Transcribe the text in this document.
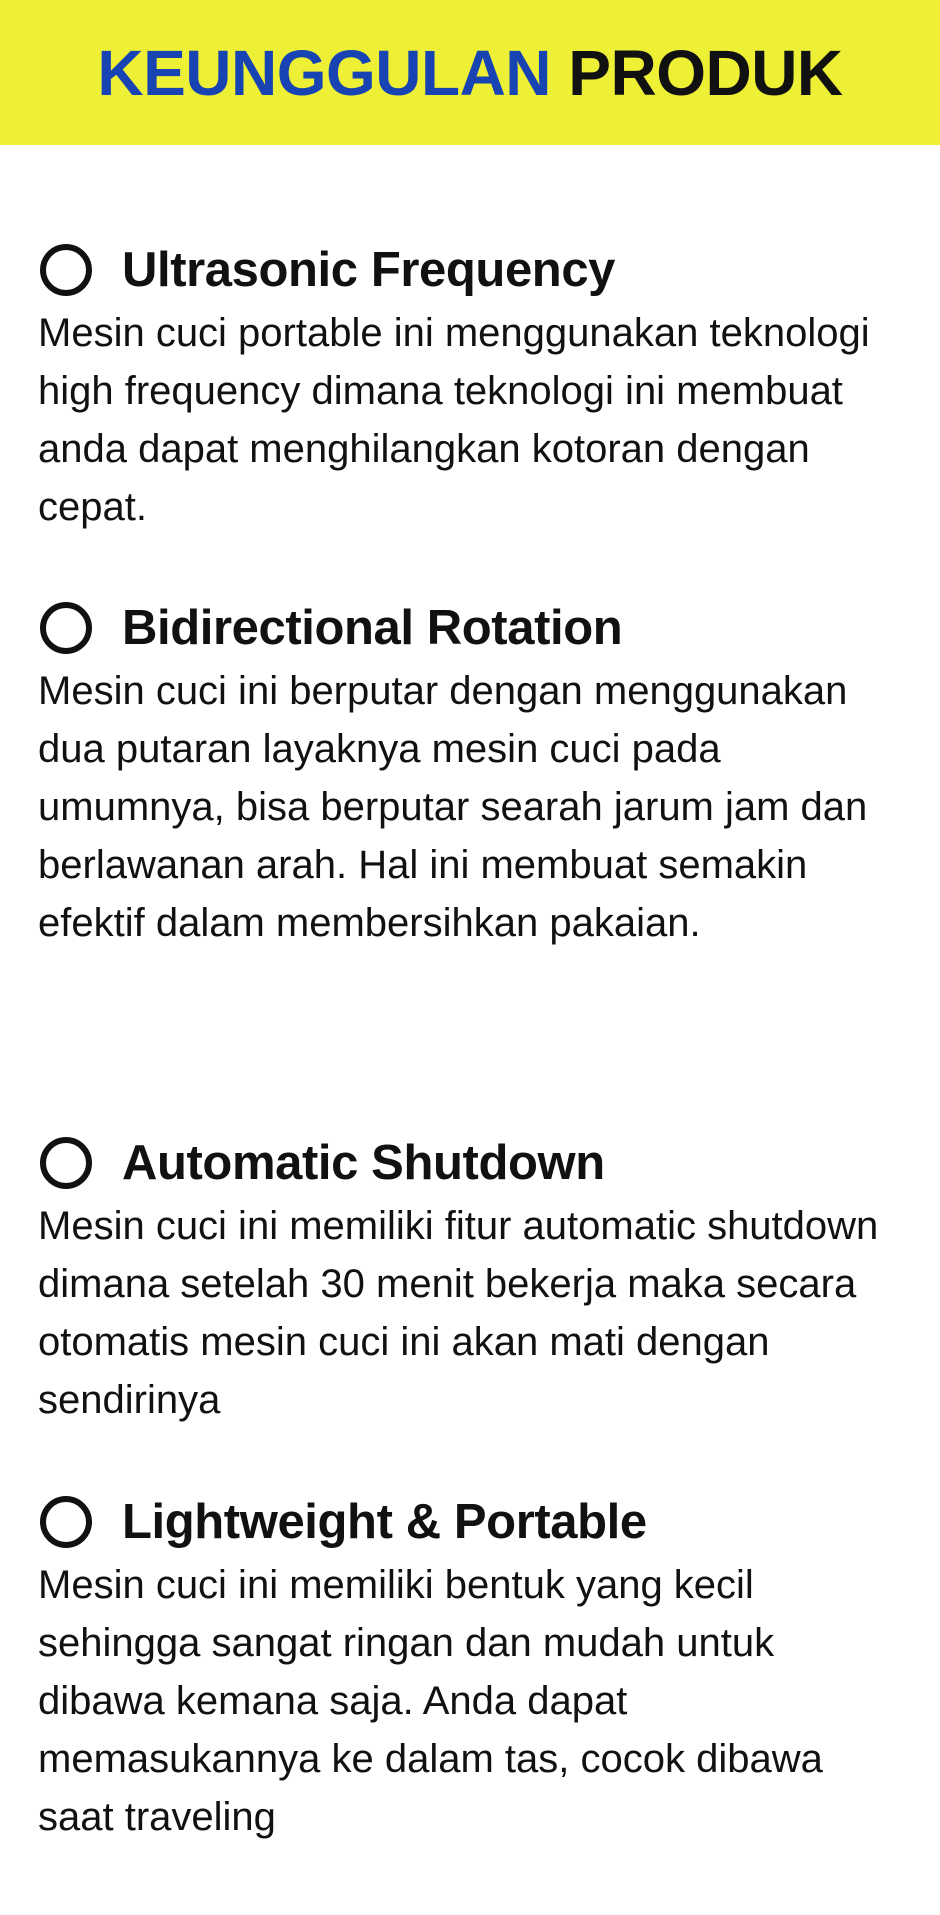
KEUNGGULAN PRODUK
Ultrasonic Frequency

Mesin cuci portable ini menggunakan teknologi high frequency dimana teknologi ini membuat anda dapat menghilangkan kotoran dengan cepat.

Bidirectional Rotation

Mesin cuci ini berputar dengan menggunakan dua putaran layaknya mesin cuci pada umumnya, bisa berputar searah jarum jam dan berlawanan arah. Hal ini membuat semakin efektif dalam membersihkan pakaian.

Automatic Shutdown

Mesin cuci ini memiliki fitur automatic shutdown dimana setelah 30 menit bekerja maka secara otomatis mesin cuci ini akan mati dengan sendirinya

Lightweight & Portable

Mesin cuci ini memiliki bentuk yang kecil sehingga sangat ringan dan mudah untuk dibawa kemana saja. Anda dapat memasukannya ke dalam tas, cocok dibawa saat traveling
